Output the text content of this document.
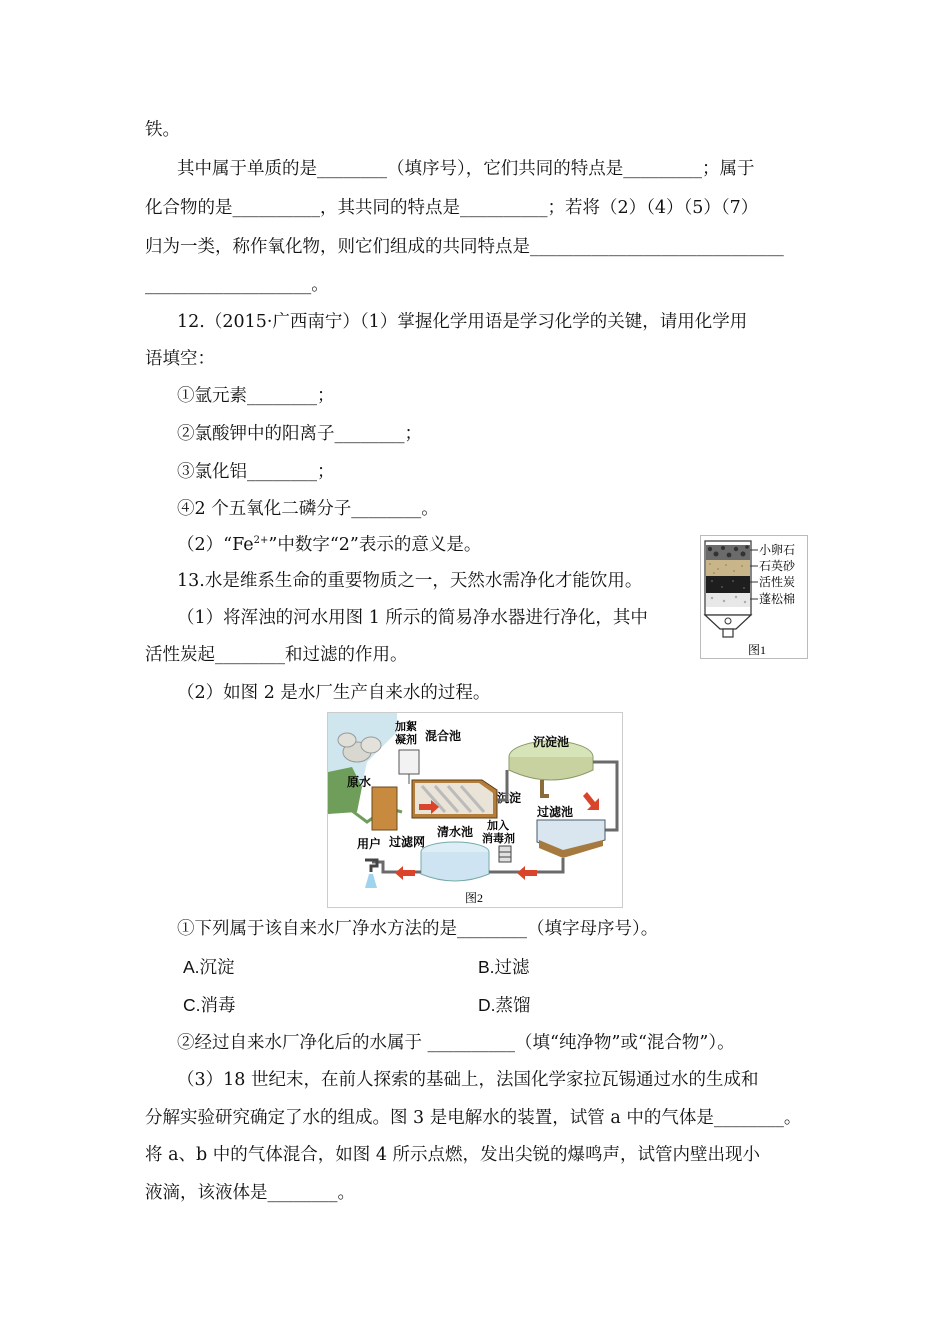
铁。
其中属于单质的是________（填序号），它们共同的特点是_________；属于
化合物的是__________，其共同的特点是__________；若将（2）（4）（5）（7）
归为一类，称作氧化物，则它们组成的共同特点是_____________________________
___________________。
12.（2015·广西南宁）（1）掌握化学用语是学习化学的关键，请用化学用
语填空：
①氩元素________；
②氯酸钾中的阳离子________；
③氯化铝________；
④2 个五氧化二磷分子________。
$(2)“Fe^{2+}$”中数字“2”表示的意义是。
13.水是维系生命的重要物质之一，天然水需净化才能饮用。
（1）将浑浊的河水用图 1 所示的简易净水器进行净化，其中
活性炭起________和过滤的作用。
（2）如图 2 是水厂生产自来水的过程。
①下列属于该自来水厂净水方法的是________（填字母序号）。
A.沉淀	B.过滤
C.消毒	D.蒸馏
②经过自来水厂净化后的水属于 __________（填“纯净物”或“混合物”）。
（3）18 世纪末，在前人探索的基础上，法国化学家拉瓦锡通过水的生成和
分解实验研究确定了水的组成。图 3 是电解水的装置，试管 a 中的气体是________。
将 a、b 中的气体混合，如图 4 所示点燃，发出尖锐的爆鸣声，试管内壁出现小
液滴，该液体是________。
小卵石
石英砂
活性炭
蓬松棉
图1
原水
加絮
凝剂 混合池	沉淀池
沉淀
过滤池
加入
消毒剂
过滤网
清水池
用户
图2
